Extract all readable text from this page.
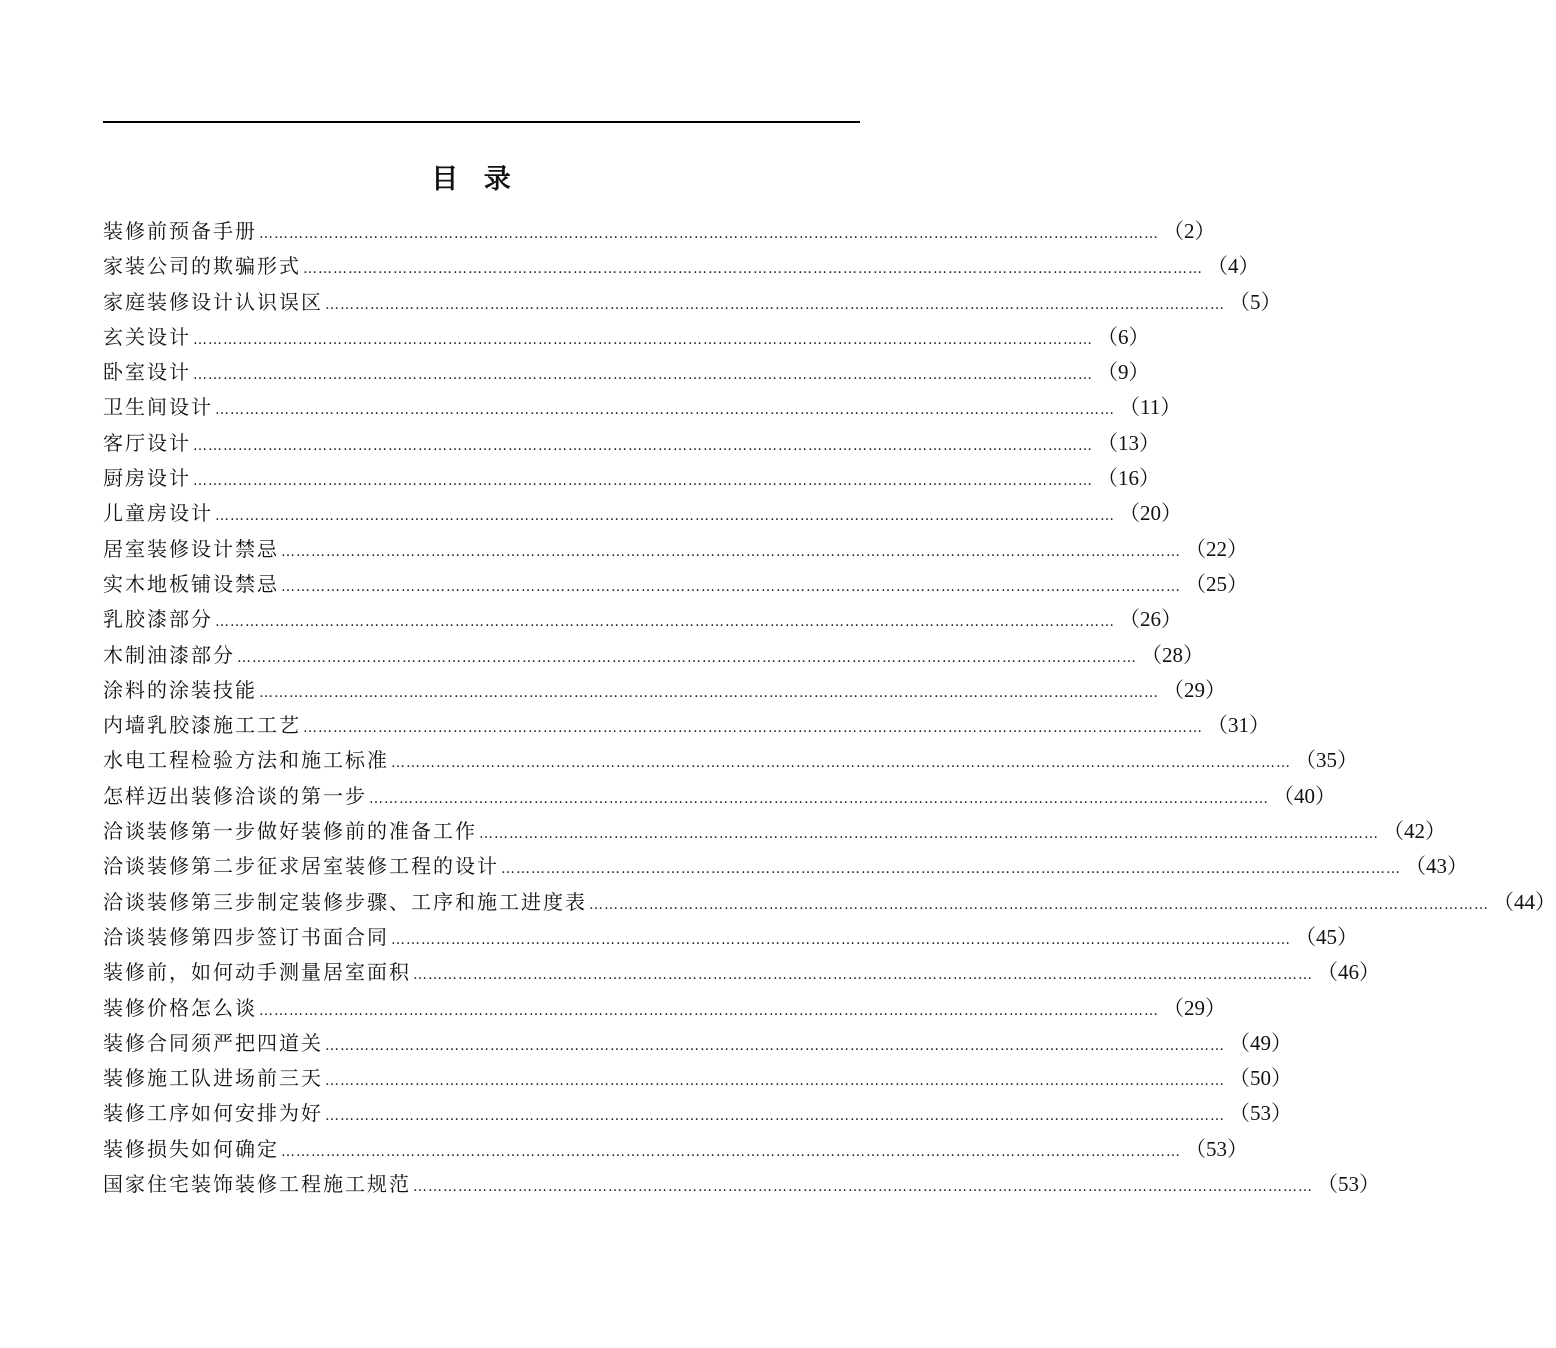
目 录
装修前预备手册 ……………………………………………………………………………………………………………………………………………………………… （2）
家装公司的欺骗形式 ……………………………………………………………………………………………………………………………………………………………… （4）
家庭装修设计认识误区 ……………………………………………………………………………………………………………………………………………………………… （5）
玄关设计 ……………………………………………………………………………………………………………………………………………………………… （6）
卧室设计 ……………………………………………………………………………………………………………………………………………………………… （9）
卫生间设计 ……………………………………………………………………………………………………………………………………………………………… （11）
客厅设计 ……………………………………………………………………………………………………………………………………………………………… （13）
厨房设计 ……………………………………………………………………………………………………………………………………………………………… （16）
儿童房设计 ……………………………………………………………………………………………………………………………………………………………… （20）
居室装修设计禁忌 ……………………………………………………………………………………………………………………………………………………………… （22）
实木地板铺设禁忌 ……………………………………………………………………………………………………………………………………………………………… （25）
乳胶漆部分 ……………………………………………………………………………………………………………………………………………………………… （26）
木制油漆部分 ……………………………………………………………………………………………………………………………………………………………… （28）
涂料的涂装技能 ……………………………………………………………………………………………………………………………………………………………… （29）
内墙乳胶漆施工工艺 ……………………………………………………………………………………………………………………………………………………………… （31）
水电工程检验方法和施工标准 ……………………………………………………………………………………………………………………………………………………………… （35）
怎样迈出装修洽谈的第一步 ……………………………………………………………………………………………………………………………………………………………… （40）
洽谈装修第一步做好装修前的准备工作 ……………………………………………………………………………………………………………………………………………………………… （42）
洽谈装修第二步征求居室装修工程的设计 ……………………………………………………………………………………………………………………………………………………………… （43）
洽谈装修第三步制定装修步骤、工序和施工进度表 ……………………………………………………………………………………………………………………………………………………………… （44）
洽谈装修第四步签订书面合同 ……………………………………………………………………………………………………………………………………………………………… （45）
装修前，如何动手测量居室面积 ……………………………………………………………………………………………………………………………………………………………… （46）
装修价格怎么谈 ……………………………………………………………………………………………………………………………………………………………… （29）
装修合同须严把四道关 ……………………………………………………………………………………………………………………………………………………………… （49）
装修施工队进场前三天 ……………………………………………………………………………………………………………………………………………………………… （50）
装修工序如何安排为好 ……………………………………………………………………………………………………………………………………………………………… （53）
装修损失如何确定 ……………………………………………………………………………………………………………………………………………………………… （53）
国家住宅装饰装修工程施工规范 ……………………………………………………………………………………………………………………………………………………………… （53）
